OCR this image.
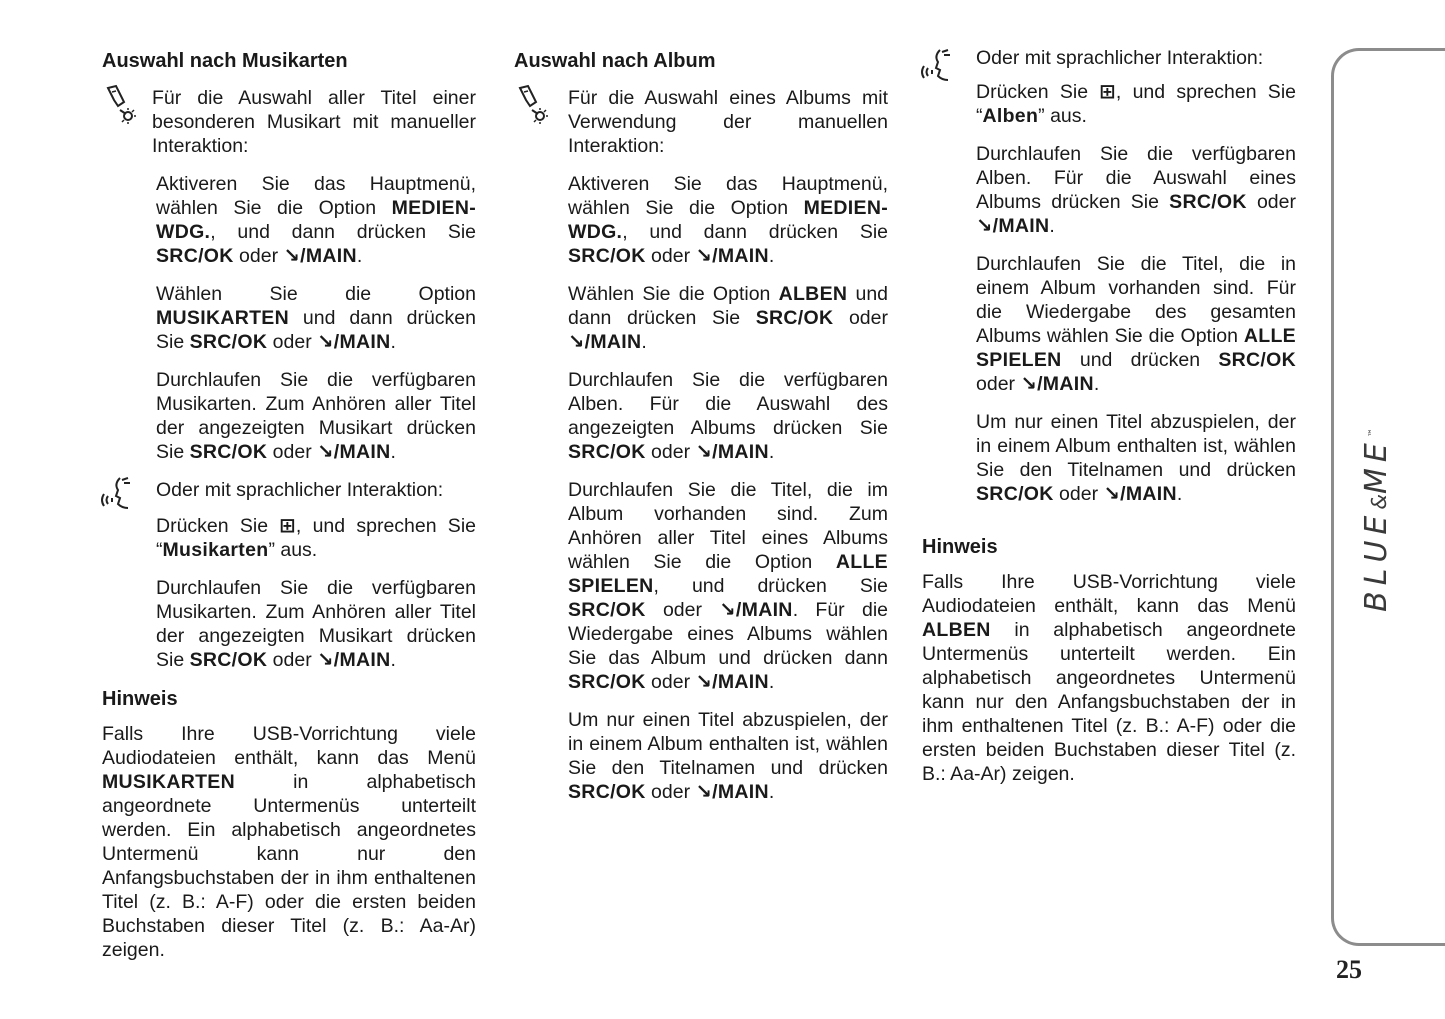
Auswahl nach Musikarten

Für die Auswahl aller Titel einer besonderen Musikart mit manueller Interaktion:

Aktiveren Sie das Hauptmenü, wählen Sie die Option MEDIEN-WDG., und dann drücken Sie SRC/OK oder ↘/MAIN.

Wählen Sie die Option MUSIKARTEN und dann drücken Sie SRC/OK oder ↘/MAIN.

Durchlaufen Sie die verfügbaren Musikarten. Zum Anhören aller Titel der angezeigten Musikart drücken Sie SRC/OK oder ↘/MAIN.

Oder mit sprachlicher Interaktion:

Drücken Sie ⊞, und sprechen Sie “Musikarten” aus.

Durchlaufen Sie die verfügbaren Musikarten. Zum Anhören aller Titel der angezeigten Musikart drücken Sie SRC/OK oder ↘/MAIN.

Hinweis

Falls Ihre USB-Vorrichtung viele Audiodateien enthält, kann das Menü MUSIKARTEN in alphabetisch angeordnete Untermenüs unterteilt werden. Ein alphabetisch angeordnetes Untermenü kann nur den Anfangsbuchstaben der in ihm enthaltenen Titel (z. B.: A-F) oder die ersten beiden Buchstaben dieser Titel (z. B.: Aa-Ar) zeigen.

Auswahl nach Album

Für die Auswahl eines Albums mit Verwendung der manuellen Interaktion:

Aktiveren Sie das Hauptmenü, wählen Sie die Option MEDIEN-WDG., und dann drücken Sie SRC/OK oder ↘/MAIN.

Wählen Sie die Option ALBEN und dann drücken Sie SRC/OK oder ↘/MAIN.

Durchlaufen Sie die verfügbaren Alben. Für die Auswahl des angezeigten Albums drücken Sie SRC/OK oder ↘/MAIN.

Durchlaufen Sie die Titel, die im Album vorhanden sind. Zum Anhören aller Titel eines Albums wählen Sie die Option ALLE SPIELEN, und drücken Sie SRC/OK oder ↘/MAIN. Für die Wiedergabe eines Albums wählen Sie das Album und drücken dann SRC/OK oder ↘/MAIN.

Um nur einen Titel abzuspielen, der in einem Album enthalten ist, wählen Sie den Titelnamen und drücken SRC/OK oder ↘/MAIN.

Oder mit sprachlicher Interaktion:

Drücken Sie ⊞, und sprechen Sie “Alben” aus.

Durchlaufen Sie die verfügbaren Alben. Für die Auswahl eines Albums drücken Sie SRC/OK oder ↘/MAIN.

Durchlaufen Sie die Titel, die in einem Album vorhanden sind. Für die Wiedergabe des gesamten Albums wählen Sie die Option ALLE SPIELEN und drücken SRC/OK oder ↘/MAIN.

Um nur einen Titel abzuspielen, der in einem Album enthalten ist, wählen Sie den Titelnamen und drücken SRC/OK oder ↘/MAIN.

Hinweis

Falls Ihre USB-Vorrichtung viele Audiodateien enthält, kann das Menü ALBEN in alphabetisch angeordnete Untermenüs unterteilt werden. Ein alphabetisch angeordnetes Untermenü kann nur den Anfangsbuchstaben der in ihm enthaltenen Titel (z. B.: A-F) oder die ersten beiden Buchstaben dieser Titel (z. B.: Aa-Ar) zeigen.

BLUE&ME™
25
